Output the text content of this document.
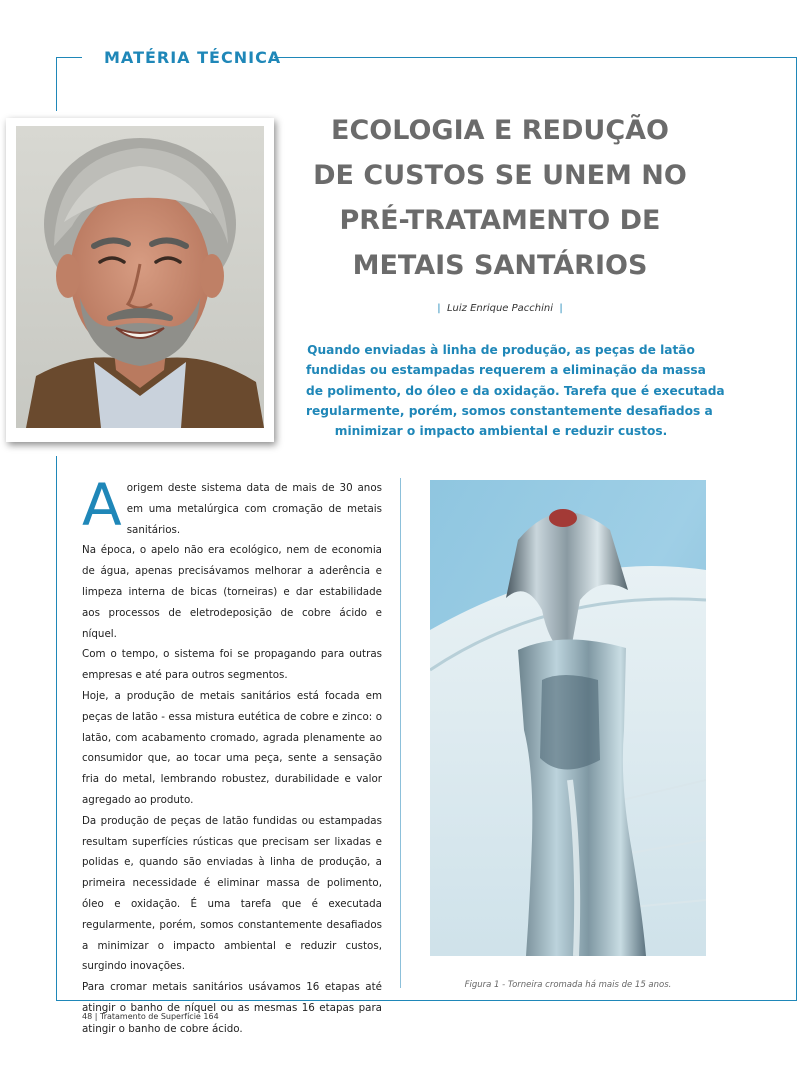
MATÉRIA TÉCNICA
ECOLOGIA E REDUÇÃO
DE CUSTOS SE UNEM NO
PRÉ-TRATAMENTO DE
METAIS SANTÁRIOS
| Luiz Enrique Pacchini |
Quando enviadas à linha de produção, as peças de latão
fundidas ou estampadas requerem a eliminação da massa
de polimento, do óleo e da oxidação. Tarefa que é executada
regularmente, porém, somos constantemente desafiados a
minimizar o impacto ambiental e reduzir custos.

Aorigem deste sistema data de mais de 30 anos em uma metalúrgica com cromação de metais sanitários.

Na época, o apelo não era ecológico, nem de economia de água, apenas precisávamos melhorar a aderência e limpeza interna de bicas (torneiras) e dar estabilidade aos processos de eletrodeposição de cobre ácido e níquel.

Com o tempo, o sistema foi se propagando para outras empresas e até para outros segmentos.

Hoje, a produção de metais sanitários está focada em peças de latão - essa mistura eutética de cobre e zinco: o latão, com acabamento cromado, agrada plenamente ao consumidor que, ao tocar uma peça, sente a sensação fria do metal, lembrando robustez, durabilidade e valor agregado ao produto.

Da produção de peças de latão fundidas ou estampadas resultam superfícies rústicas que precisam ser lixadas e polidas e, quando são enviadas à linha de produção, a primeira necessidade é eliminar massa de polimento, óleo e oxidação. É uma tarefa que é executada regularmente, porém, somos constantemente desafiados a minimizar o impacto ambiental e reduzir custos, surgindo inovações.

Para cromar metais sanitários usávamos 16 etapas até atingir o banho de níquel ou as mesmas 16 etapas para atingir o banho de cobre ácido.

Figura 1 - Torneira cromada há mais de 15 anos.
48 | Tratamento de Superfície 164
